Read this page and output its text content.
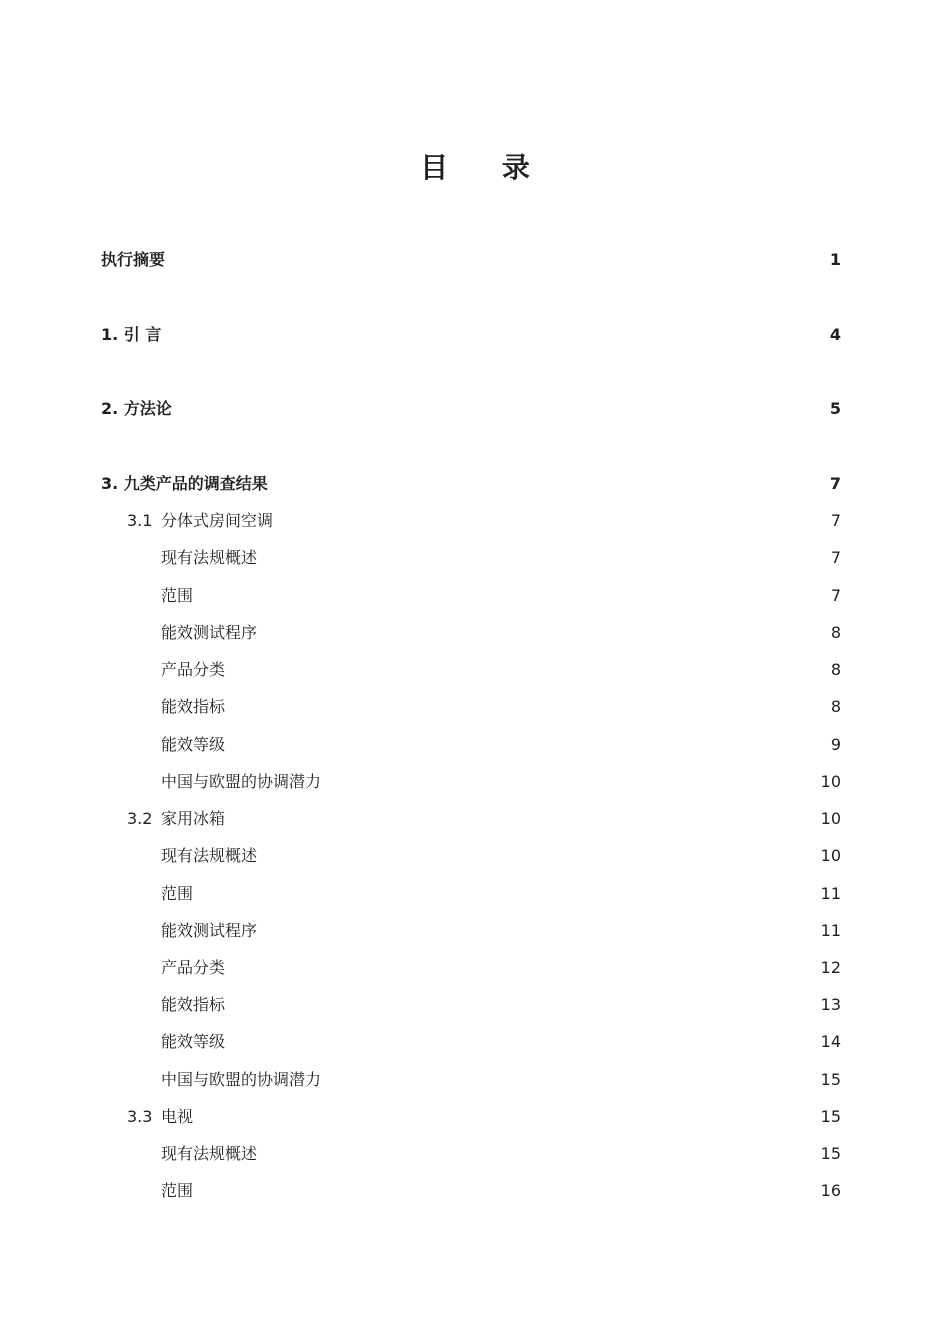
目 录
执行摘要	1
1. 引 言	4
2. 方法论	5
3. 九类产品的调查结果	7
3.1 分体式房间空调	7
现有法规概述	7
范围	7
能效测试程序	8
产品分类	8
能效指标	8
能效等级	9
中国与欧盟的协调潜力	10
3.2 家用冰箱	10
现有法规概述	10
范围	11
能效测试程序	11
产品分类	12
能效指标	13
能效等级	14
中国与欧盟的协调潜力	15
3.3 电视	15
现有法规概述	15
范围	16
